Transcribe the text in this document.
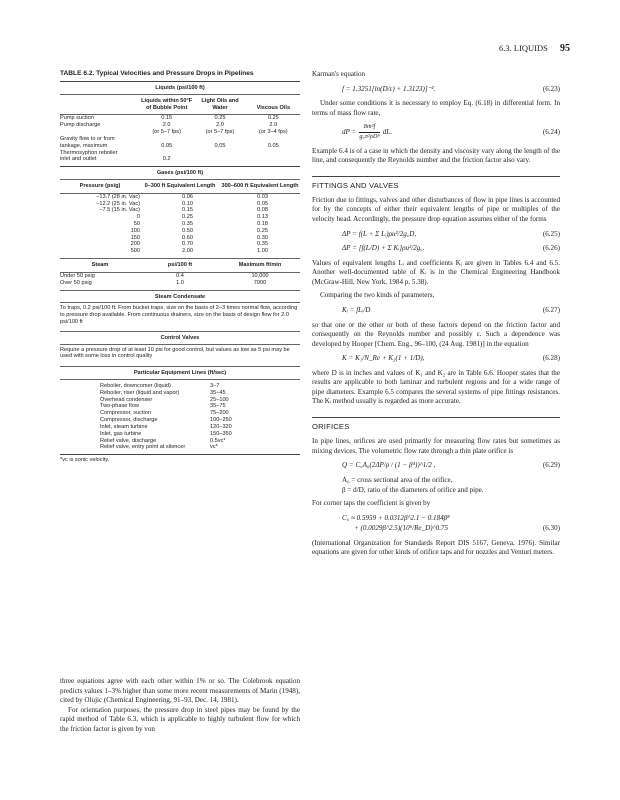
6.3. LIQUIDS 95
TABLE 6.2. Typical Velocities and Pressure Drops in Pipelines
Liquids (psi/100 ft)
Liquids within 50°F of Bubble Point
Light Oils and Water	Viscous Oils
Pump suction	0.15	0.25	0.25
Pump discharge	2.0	2.0	2.0
(or 5–7 fps)	(or 5–7 fps)	(or 3–4 fps)
Gravity flow to or from
tankage, maximum	0.05	0.05	0.05
Thermosyphon reboiler
inlet and outlet	0.2
Gases (psi/100 ft)
Pressure (psig)	0–300 ft Equivalent Length	300–600 ft Equivalent Length
−13.7 (28 in. Vac)	0.06	0.03
−12.2 (25 in. Vac)	0.10	0.05
−7.5 (15 in. Vac)	0.15	0.08
0	0.25	0.13
50	0.35	0.18
100	0.50	0.25
150	0.60	0.30
200	0.70	0.35
500	2.00	1.00
Steam	psi/100 ft	Maximum ft/min
Under 50 psig	0.4	10,000
Over 50 psig	1.0	7000
Steam Condensate
To traps, 0.2 psi/100 ft. From bucket traps, size on the basis of 2–3 times normal flow, according to pressure drop available. From continuous drainers, size on the basis of design flow for 2.0 psi/100 ft
Control Valves
Require a pressure drop of at least 10 psi for good control, but values as low as 5 psi may be used with some loss in control quality
Particular Equipment Lines (ft/sec)
Reboiler, downcomer (liquid)	3–7
Reboiler, riser (liquid and vapor)	35–45
Overhead condenser	25–100
Two-phase flow	35–75
Compressor, suction	75–200
Compressor, discharge	100–250
Inlet, steam turbine	120–320
Inlet, gas turbine	150–350
Relief valve, discharge	0.5vc*
Relief valve, entry point at silencer	vc*
*vc is sonic velocity.
three equations agree with each other within 1% or so. The Colebrook equation predicts values 1–3% higher than some more recent measurements of Marin (1948), cited by Olujic (Chemical Engineering, 91–93, Dec. 14, 1981).
For orientation purposes, the pressure drop in steel pipes may be found by the rapid method of Table 6.3, which is applicable to highly turbulent flow for which the friction factor is given by von

Karman's equation

f = 1.3251[ln(D/ε) + 1.3123)]⁻².	(6.23)

Under some conditions it is necessary to employ Eq. (6.18) in differential form. In terms of mass flow rate,

dP = $\frac{\text{8ṁ²f}}{\text{g꜀π²ρD⁵}}$ dL.	(6.24)

Example 6.4 is of a case in which the density and viscosity vary along the length of the line, and consequently the Reynolds number and the friction factor also vary.

FITTINGS AND VALVES

Friction due to fittings, valves and other disturbances of flow in pipe lines is accounted for by the concepts of either their equivalent lengths of pipe or multiples of the velocity head. Accordingly, the pressure drop equation assumes either of the forms

ΔP = f(L + Σ Lᵢ)ρu²/2g꜀D,	(6.25)
ΔP = [f(L/D) + Σ Kᵢ]ρu²/2g꜀.	(6.26)

Values of equivalent lengths Lᵢ and coefficients Kᵢ are given in Tables 6.4 and 6.5. Another well-documented table of Kᵢ is in the Chemical Engineering Handbook (McGraw-Hill, New York, 1984 p. 5.38).

Comparing the two kinds of parameters,

Kᵢ = fLᵢ/D	(6.27)

so that one or the other or both of these factors depend on the friction factor and consequently on the Reynolds number and possibly ε. Such a dependence was developed by Hooper [Chem. Eng., 96–100, (24 Aug. 1981)] in the equation

K = K₁/N_Re + K₂(1 + 1/D),	(6.28)

where D is in inches and values of K₁ and K₂ are in Table 6.6. Hooper states that the results are applicable to both laminar and turbulent regions and for a wide range of pipe diameters. Example 6.5 compares the several systems of pipe fittings resistances. The Kᵢ method usually is regarded as more accurate.

ORIFICES

In pipe lines, orifices are used primarily for measuring flow rates but sometimes as mixing devices. The volumetric flow rate through a thin plate orifice is

Q = C꜀A₀(2ΔP/ρ / (1 − β⁴))^1/2 ,	(6.29)

A₀ = cross sectional area of the orifice,

β = d/D, ratio of the diameters of orifice and pipe.

For corner taps the coefficient is given by

C꜀ ≈ 0.5959 + 0.0312β^2.1 − 0.184β⁸
+ (0.0029β^2.5)(10⁶/Re_D)^0.75	(6.30)

(International Organization for Standards Report DIS 5167, Geneva, 1976). Similar equations are given for other kinds of orifice taps and for nozzles and Venturi meters.
